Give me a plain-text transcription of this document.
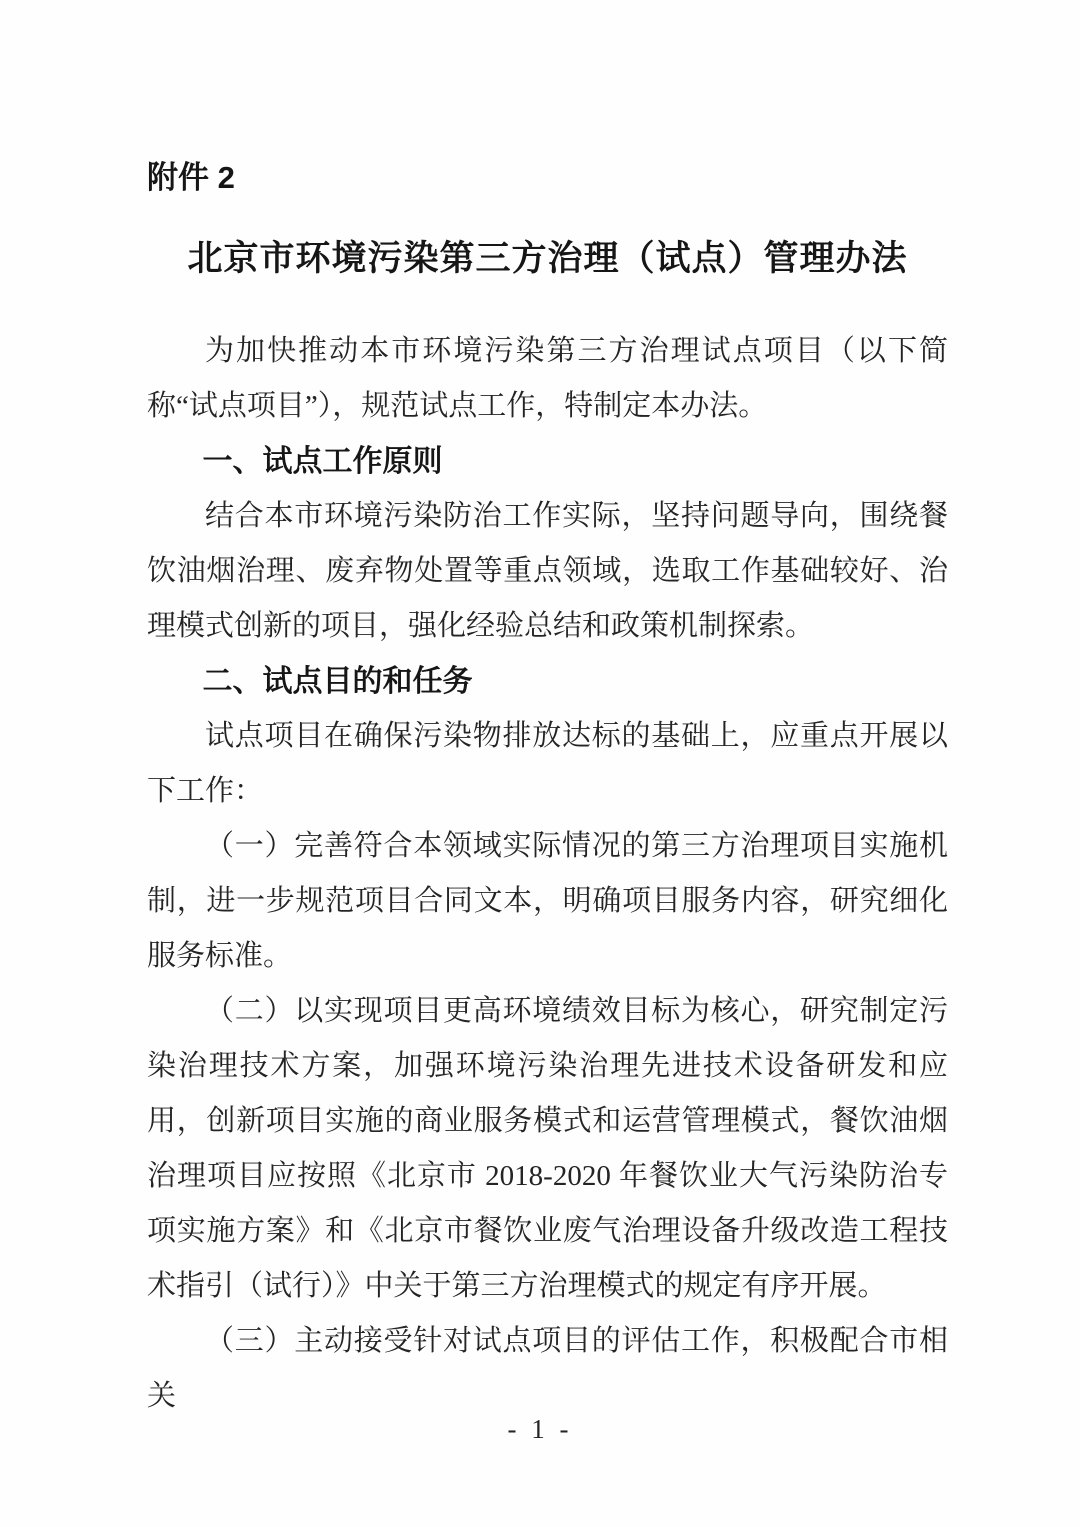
附件 2
北京市环境污染第三方治理（试点）管理办法

为加快推动本市环境污染第三方治理试点项目（以下简称“试点项目”），规范试点工作，特制定本办法。

一、试点工作原则

结合本市环境污染防治工作实际，坚持问题导向，围绕餐饮油烟治理、废弃物处置等重点领域，选取工作基础较好、治理模式创新的项目，强化经验总结和政策机制探索。

二、试点目的和任务

试点项目在确保污染物排放达标的基础上，应重点开展以下工作：

（一）完善符合本领域实际情况的第三方治理项目实施机制，进一步规范项目合同文本，明确项目服务内容，研究细化服务标准。

（二）以实现项目更高环境绩效目标为核心，研究制定污染治理技术方案，加强环境污染治理先进技术设备研发和应用，创新项目实施的商业服务模式和运营管理模式，餐饮油烟治理项目应按照《北京市 2018-2020 年餐饮业大气污染防治专项实施方案》和《北京市餐饮业废气治理设备升级改造工程技术指引（试行）》中关于第三方治理模式的规定有序开展。

（三）主动接受针对试点项目的评估工作，积极配合市相关

- 1 -
